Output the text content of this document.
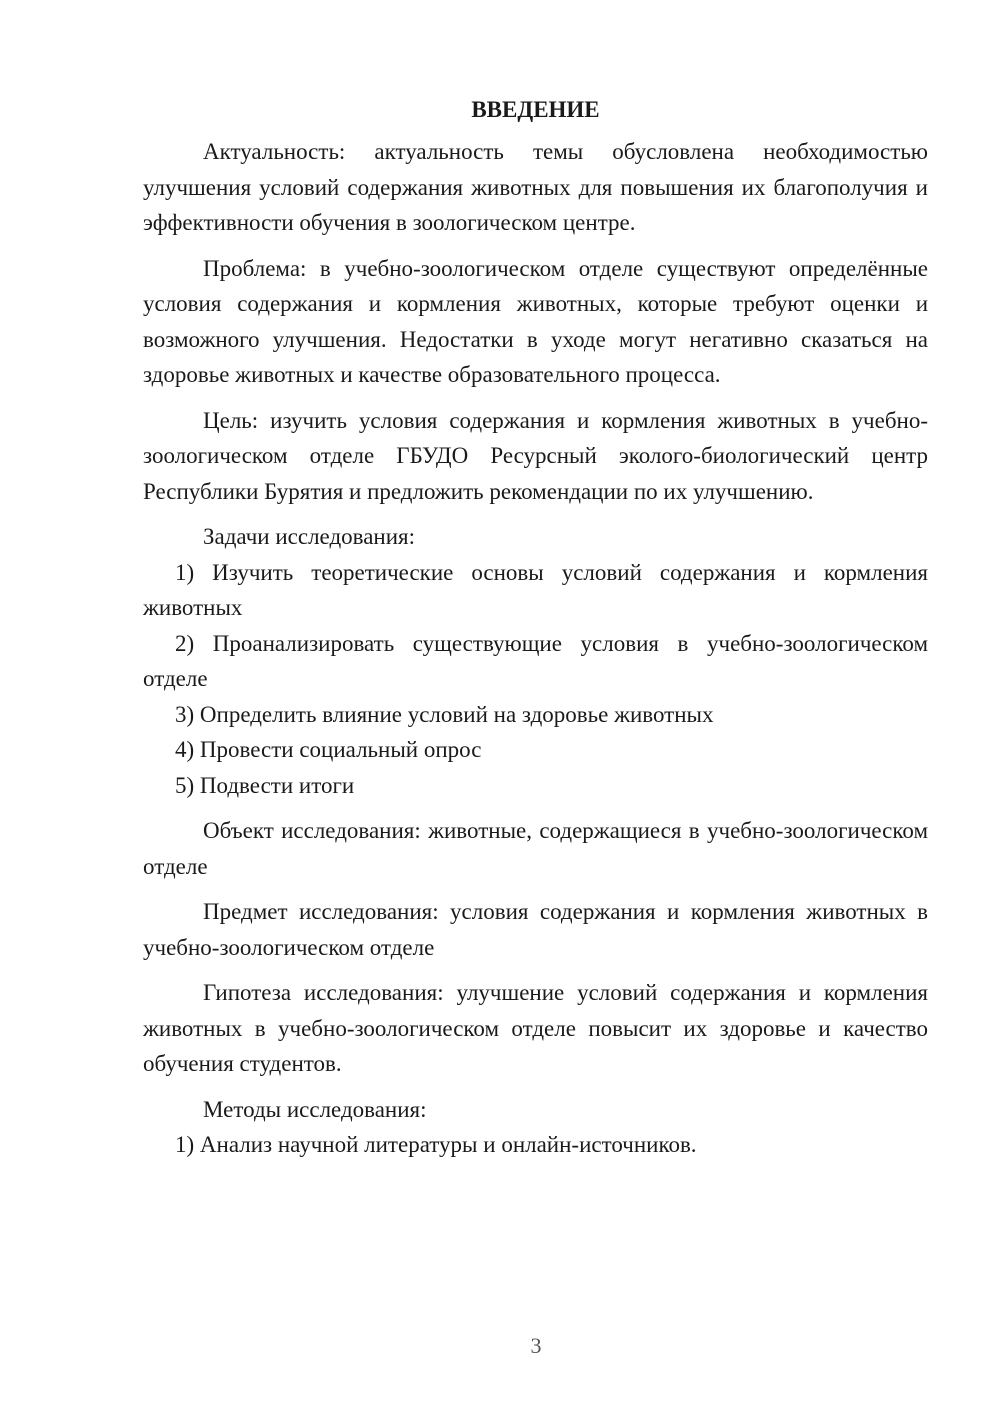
ВВЕДЕНИЕ

Актуальность: актуальность темы обусловлена необходимостью улучшения условий содержания животных для повышения их благополучия и эффективности обучения в зоологическом центре.

Проблема: в учебно-зоологическом отделе существуют определённые условия содержания и кормления животных, которые требуют оценки и возможного улучшения. Недостатки в уходе могут негативно сказаться на здоровье животных и качестве образовательного процесса.

Цель: изучить условия содержания и кормления животных в учебно-зоологическом отделе ГБУДО Ресурсный эколого-биологический центр Республики Бурятия и предложить рекомендации по их улучшению.

Задачи исследования:

1) Изучить теоретические основы условий содержания и кормления животных

2) Проанализировать существующие условия в учебно-зоологическом отделе

3) Определить влияние условий на здоровье животных

4) Провести социальный опрос

5) Подвести итоги

Объект исследования: животные, содержащиеся в учебно-зоологическом отделе

Предмет исследования: условия содержания и кормления животных в учебно-зоологическом отделе

Гипотеза исследования: улучшение условий содержания и кормления животных в учебно-зоологическом отделе повысит их здоровье и качество обучения студентов.

Методы исследования:

1) Анализ научной литературы и онлайн-источников.

3
